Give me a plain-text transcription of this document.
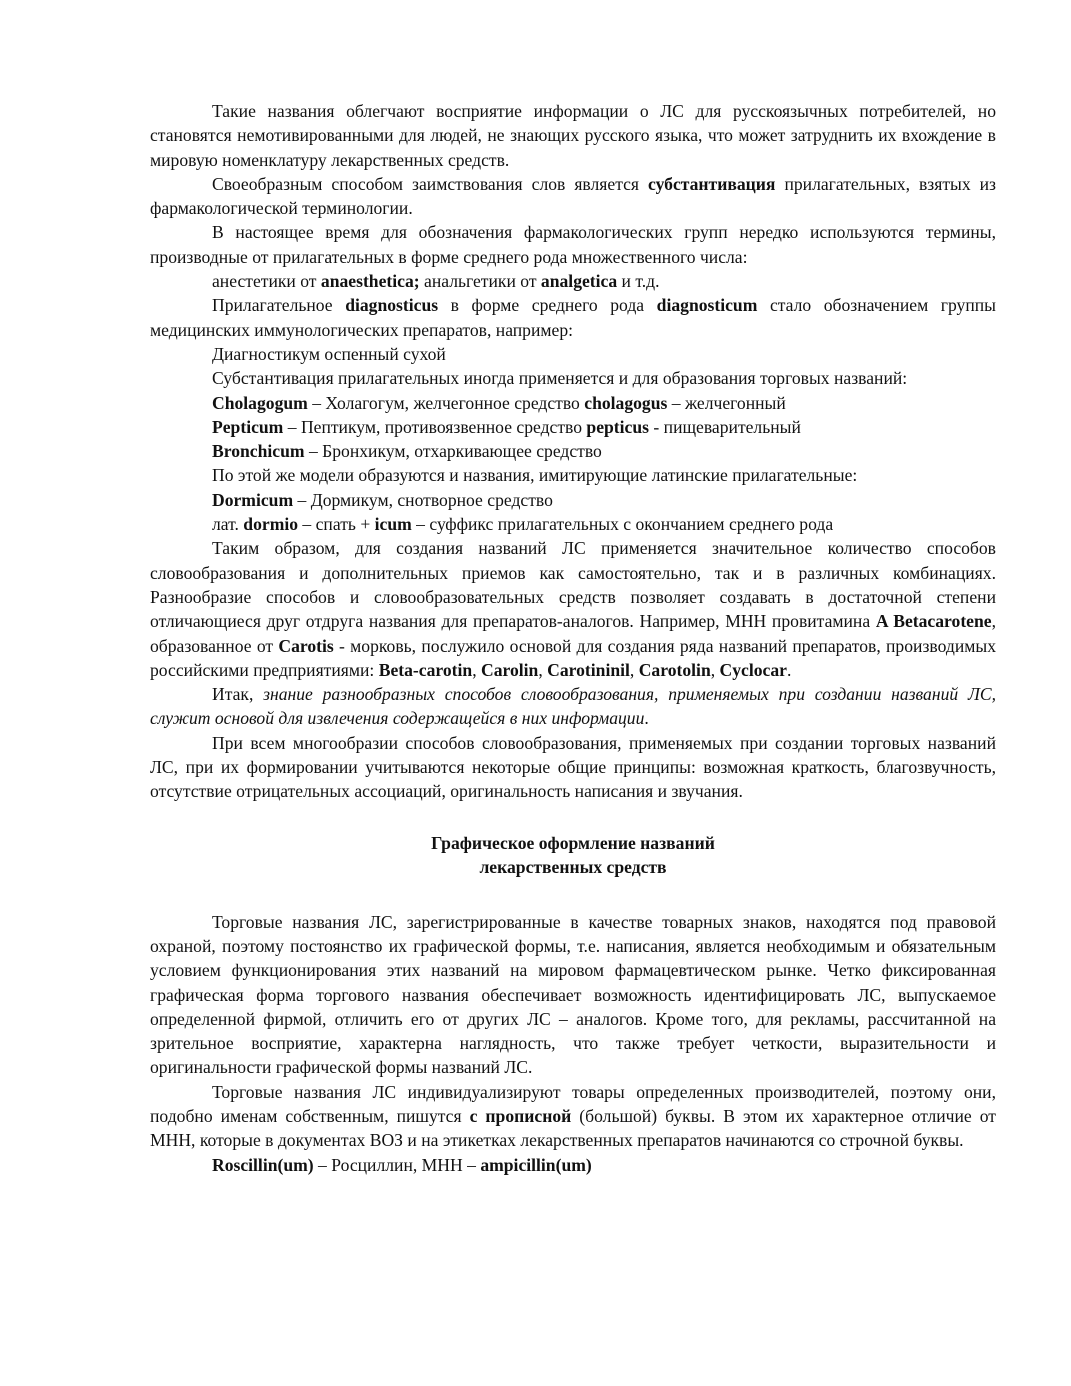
Такие названия облегчают восприятие информации о ЛС для русскоязычных потребителей, но становятся немотивированными для людей, не знающих русского языка, что может затруднить их вхождение в мировую номенклатуру лекарственных средств.

Своеобразным способом заимствования слов является субстантивация прилагательных, взятых из фармакологической терминологии.

В настоящее время для обозначения фармакологических групп нередко используются термины, производные от прилагательных в форме среднего рода множественного числа:

анестетики от anaesthetica; анальгетики от analgetica и т.д.

Прилагательное diagnosticus в форме среднего рода diagnosticum стало обозначением группы медицинских иммунологических препаратов, например:

Диагностикум оспенный сухой

Субстантивация прилагательных иногда применяется и для образования торговых названий:

Cholagogum – Холагогум, желчегонное средство cholagogus – желчегонный

Pepticum – Пептикум, противоязвенное средство pepticus - пищеварительный

Bronchicum – Бронхикум, отхаркивающее средство

По этой же модели образуются и названия, имитирующие латинские прилагательные:

Dormicum – Дормикум, снотворное средство

лат. dormio – спать + icum – суффикс прилагательных с окончанием среднего рода

Таким образом, для создания названий ЛС применяется значительное количество способов словообразования и дополнительных приемов как самостоятельно, так и в различных комбинациях. Разнообразие способов и словообразовательных средств позволяет создавать в достаточной степени отличающиеся друг отдруга названия для препаратов-аналогов. Например, МНН провитамина A Betacarotene, образованное от Carotis - морковь, послужило основой для создания ряда названий препаратов, производимых российскими предприятиями: Beta-carotin, Carolin, Carotininil, Carotolin, Cyclocar.

Итак, знание разнообразных способов словообразования, применяемых при создании названий ЛС, служит основой для извлечения содержащейся в них информации.

При всем многообразии способов словообразования, применяемых при создании торговых названий ЛС, при их формировании учитываются некоторые общие принципы: возможная краткость, благозвучность, отсутствие отрицательных ассоциаций, оригинальность написания и звучания.

Графическое оформление названий
лекарственных средств

Торговые названия ЛС, зарегистрированные в качестве товарных знаков, находятся под правовой охраной, поэтому постоянство их графической формы, т.е. написания, является необходимым и обязательным условием функционирования этих названий на мировом фармацевтическом рынке. Четко фиксированная графическая форма торгового названия обеспечивает возможность идентифицировать ЛС, выпускаемое определенной фирмой, отличить его от других ЛС – аналогов. Кроме того, для рекламы, рассчитанной на зрительное восприятие, характерна наглядность, что также требует четкости, выразительности и оригинальности графической формы названий ЛС.

Торговые названия ЛС индивидуализируют товары определенных производителей, поэтому они, подобно именам собственным, пишутся с прописной (большой) буквы. В этом их характерное отличие от МНН, которые в документах ВОЗ и на этикетках лекарственных препаратов начинаются со строчной буквы.

Roscillin(um) – Росциллин, МНН – ampicillin(um)
